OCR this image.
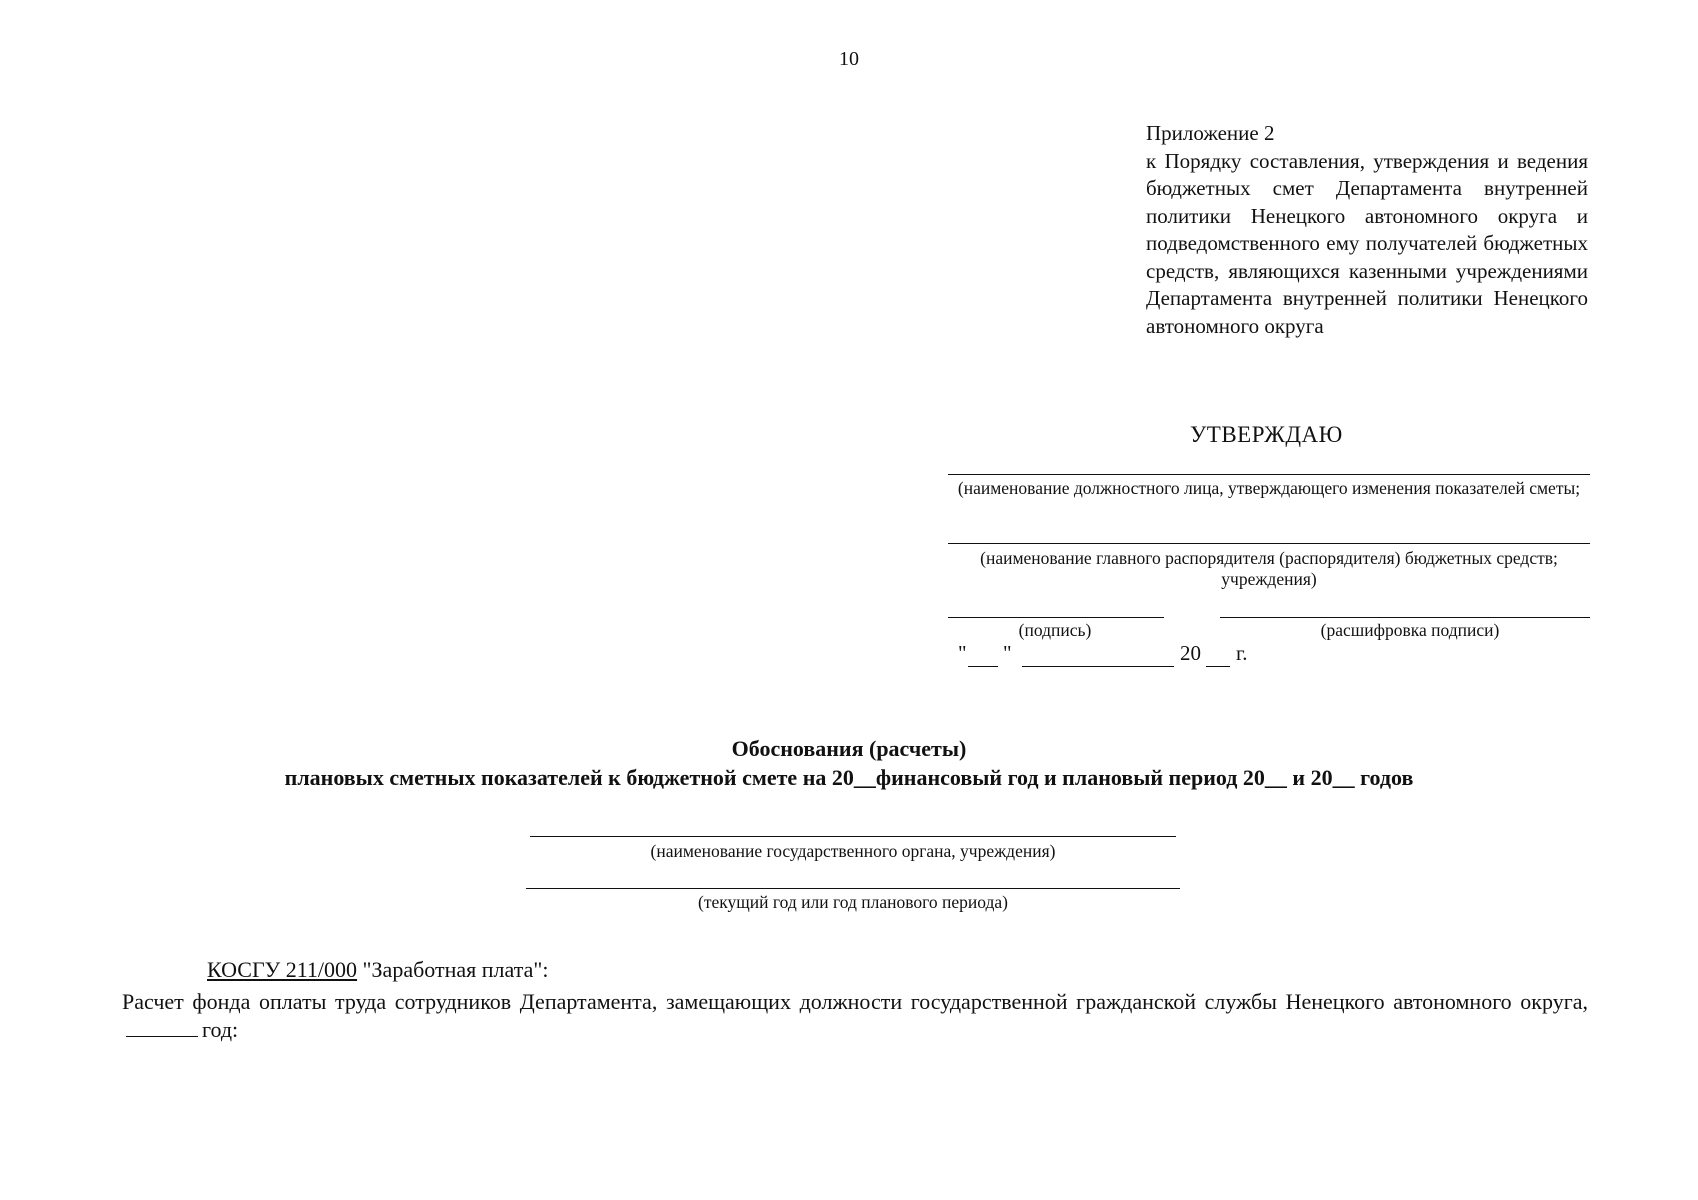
10
Приложение 2
к Порядку составления, утверждения и ведения бюджетных смет Департамента внутренней политики Ненецкого автономного округа и подведомственного ему получателей бюджетных средств, являющихся казенными учреждениями Департамента внутренней политики Ненецкого автономного округа
УТВЕРЖДАЮ
(наименование должностного лица, утверждающего изменения показателей сметы;
(наименование главного распорядителя (распорядителя) бюджетных средств; учреждения)
(подпись)	(расшифровка подписи)
" "	20 г.
Обоснования (расчеты)
плановых сметных показателей к бюджетной смете на 20__финансовый год и плановый период 20__ и 20__ годов
(наименование государственного органа, учреждения)
(текущий год или год планового периода)
КОСГУ 211/000 "Заработная плата":
Расчет фонда оплаты труда сотрудников Департамента, замещающих должности государственной гражданской службы Ненецкого автономного округа,год:
